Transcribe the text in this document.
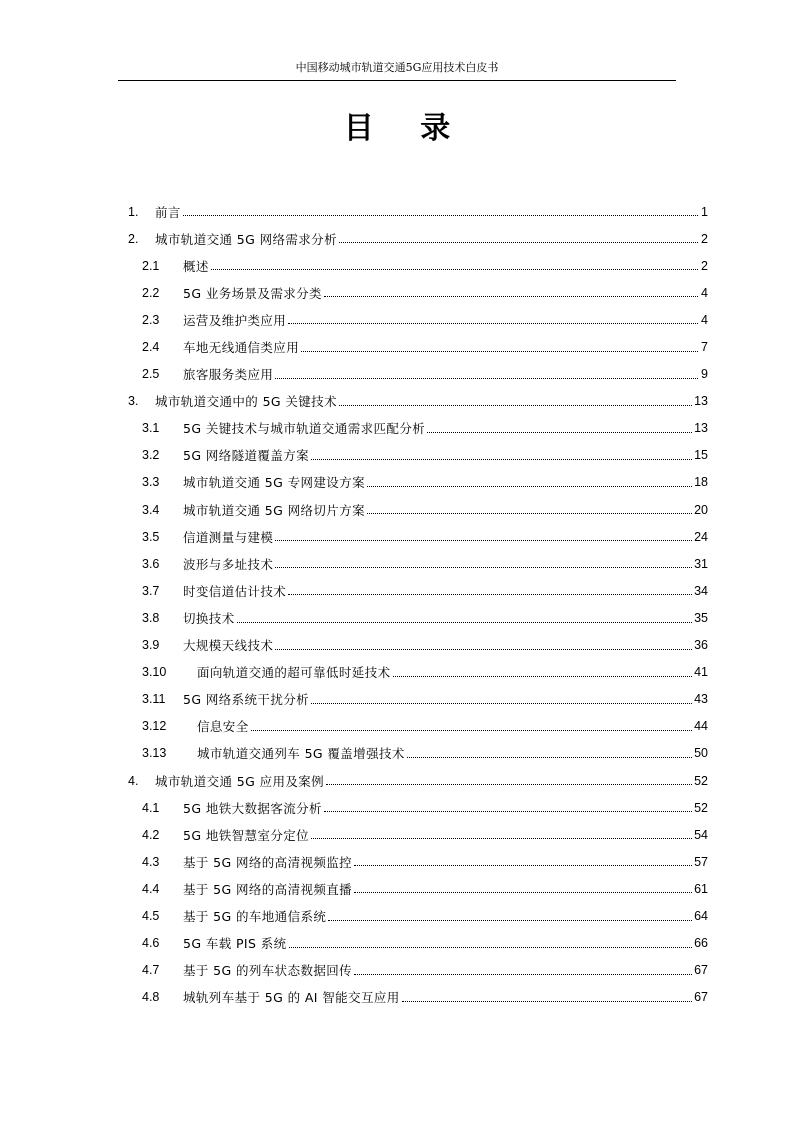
中国移动城市轨道交通5G应用技术白皮书
目 录
1.	前言	1
2.	城市轨道交通 5G 网络需求分析	2
2.1	概述	2
2.2	5G 业务场景及需求分类	4
2.3	运营及维护类应用	4
2.4	车地无线通信类应用	7
2.5	旅客服务类应用	9
3.	城市轨道交通中的 5G 关键技术	13
3.1	5G 关键技术与城市轨道交通需求匹配分析	13
3.2	5G 网络隧道覆盖方案	15
3.3	城市轨道交通 5G 专网建设方案	18
3.4	城市轨道交通 5G 网络切片方案	20
3.5	信道测量与建模	24
3.6	波形与多址技术	31
3.7	时变信道估计技术	34
3.8	切换技术	35
3.9	大规模天线技术	36
3.10	面向轨道交通的超可靠低时延技术	41
3.11	5G 网络系统干扰分析	43
3.12	信息安全	44
3.13	城市轨道交通列车 5G 覆盖增强技术	50
4.	城市轨道交通 5G 应用及案例	52
4.1	5G 地铁大数据客流分析	52
4.2	5G 地铁智慧室分定位	54
4.3	基于 5G 网络的高清视频监控	57
4.4	基于 5G 网络的高清视频直播	61
4.5	基于 5G 的车地通信系统	64
4.6	5G 车载 PIS 系统	66
4.7	基于 5G 的列车状态数据回传	67
4.8	城轨列车基于 5G 的 AI 智能交互应用	67
